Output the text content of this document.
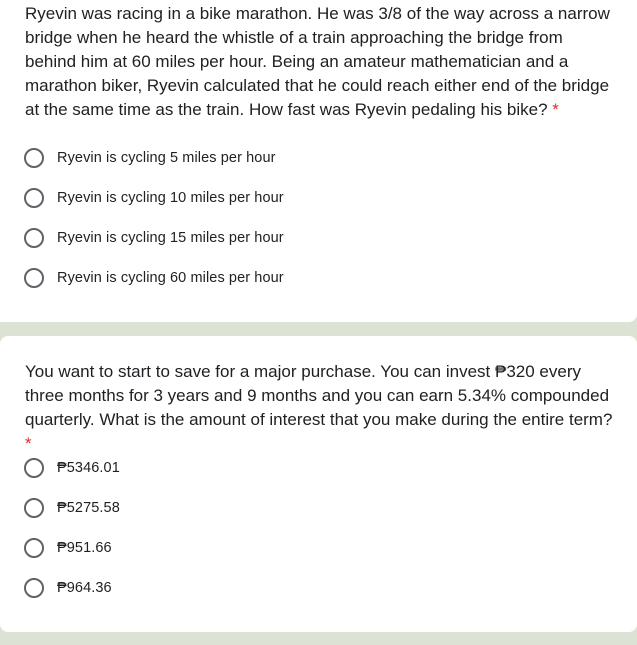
Ryevin was racing in a bike marathon. He was 3/8 of the way across a narrow bridge when he heard the whistle of a train approaching the bridge from behind him at 60 miles per hour. Being an amateur mathematician and a marathon biker, Ryevin calculated that he could reach either end of the bridge at the same time as the train. How fast was Ryevin pedaling his bike? *
Ryevin is cycling 5 miles per hour
Ryevin is cycling 10 miles per hour
Ryevin is cycling 15 miles per hour
Ryevin is cycling 60 miles per hour
You want to start to save for a major purchase. You can invest ₱320 every three months for 3 years and 9 months and you can earn 5.34% compounded quarterly. What is the amount of interest that you make during the entire term? *
₱5346.01
₱5275.58
₱951.66
₱964.36
